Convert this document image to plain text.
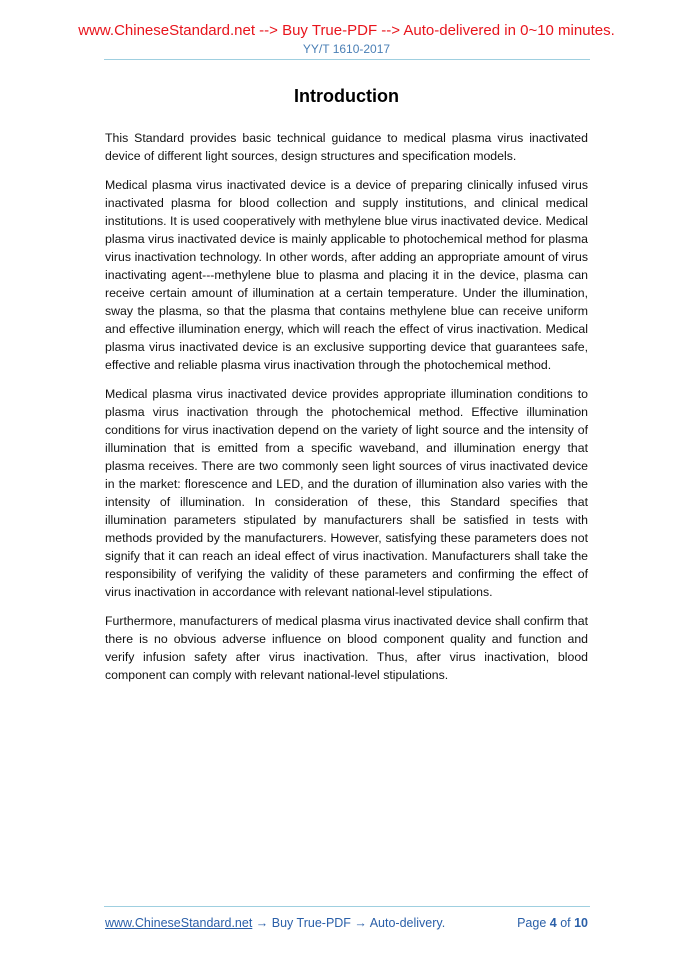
www.ChineseStandard.net --> Buy True-PDF --> Auto-delivered in 0~10 minutes.
YY/T 1610-2017
Introduction

This Standard provides basic technical guidance to medical plasma virus inactivated device of different light sources, design structures and specification models.

Medical plasma virus inactivated device is a device of preparing clinically infused virus inactivated plasma for blood collection and supply institutions, and clinical medical institutions. It is used cooperatively with methylene blue virus inactivated device. Medical plasma virus inactivated device is mainly applicable to photochemical method for plasma virus inactivation technology. In other words, after adding an appropriate amount of virus inactivating agent---methylene blue to plasma and placing it in the device, plasma can receive certain amount of illumination at a certain temperature. Under the illumination, sway the plasma, so that the plasma that contains methylene blue can receive uniform and effective illumination energy, which will reach the effect of virus inactivation. Medical plasma virus inactivated device is an exclusive supporting device that guarantees safe, effective and reliable plasma virus inactivation through the photochemical method.

Medical plasma virus inactivated device provides appropriate illumination conditions to plasma virus inactivation through the photochemical method. Effective illumination conditions for virus inactivation depend on the variety of light source and the intensity of illumination that is emitted from a specific waveband, and illumination energy that plasma receives. There are two commonly seen light sources of virus inactivated device in the market: florescence and LED, and the duration of illumination also varies with the intensity of illumination. In consideration of these, this Standard specifies that illumination parameters stipulated by manufacturers shall be satisfied in tests with methods provided by the manufacturers. However, satisfying these parameters does not signify that it can reach an ideal effect of virus inactivation. Manufacturers shall take the responsibility of verifying the validity of these parameters and confirming the effect of virus inactivation in accordance with relevant national-level stipulations.

Furthermore, manufacturers of medical plasma virus inactivated device shall confirm that there is no obvious adverse influence on blood component quality and function and verify infusion safety after virus inactivation. Thus, after virus inactivation, blood component can comply with relevant national-level stipulations.

www.ChineseStandard.net → Buy True-PDF → Auto-delivery.	Page 4 of 10
